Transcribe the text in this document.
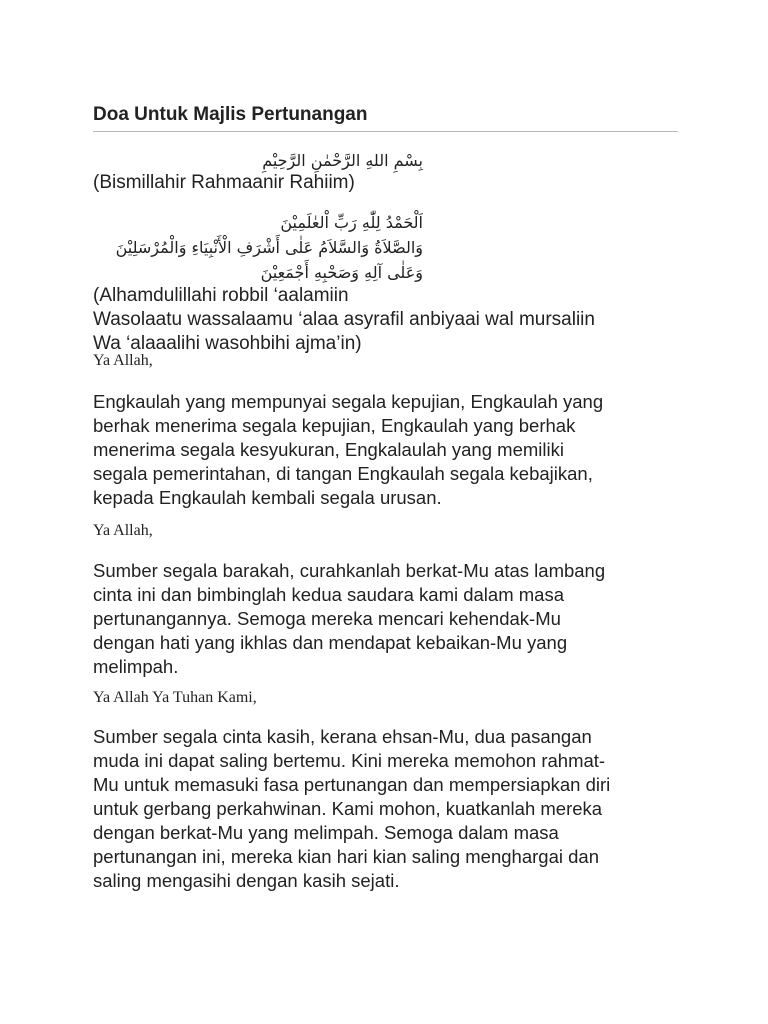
Doa Untuk Majlis Pertunangan
بِسْمِ اللهِ الرَّحْمٰنِ الرَّحِيْمِ
(Bismillahir Rahmaanir Rahiim)
اَلْحَمْدُ لِلّٰهِ رَبِّ اْلعٰلَمِيْنَ
وَالصَّلاَةُ وَالسَّلاَمُ عَلٰى أَشْرَفِ الْأَنْبِيَاءِ وَالْمُرْسَلِيْنَ
وَعَلٰى آلِهِ وَصَحْبِهِ أَجْمَعِيْنَ
(Alhamdulillahi robbil ‘aalamiin
Wasolaatu wassalaamu ‘alaa asyrafil anbiyaai wal mursaliin
Wa ‘alaaalihi wasohbihi ajma’in)
Ya Allah,
Engkaulah yang mempunyai segala kepujian, Engkaulah yang
berhak menerima segala kepujian, Engkaulah yang berhak
menerima segala kesyukuran, Engkalaulah yang memiliki
segala pemerintahan, di tangan Engkaulah segala kebajikan,
kepada Engkaulah kembali segala urusan.
Ya Allah,
Sumber segala barakah, curahkanlah berkat-Mu atas lambang
cinta ini dan bimbinglah kedua saudara kami dalam masa
pertunangannya. Semoga mereka mencari kehendak-Mu
dengan hati yang ikhlas dan mendapat kebaikan-Mu yang
melimpah.
Ya Allah Ya Tuhan Kami,
Sumber segala cinta kasih, kerana ehsan-Mu, dua pasangan
muda ini dapat saling bertemu. Kini mereka memohon rahmat-
Mu untuk memasuki fasa pertunangan dan mempersiapkan diri
untuk gerbang perkahwinan. Kami mohon, kuatkanlah mereka
dengan berkat-Mu yang melimpah. Semoga dalam masa
pertunangan ini, mereka kian hari kian saling menghargai dan
saling mengasihi dengan kasih sejati.
